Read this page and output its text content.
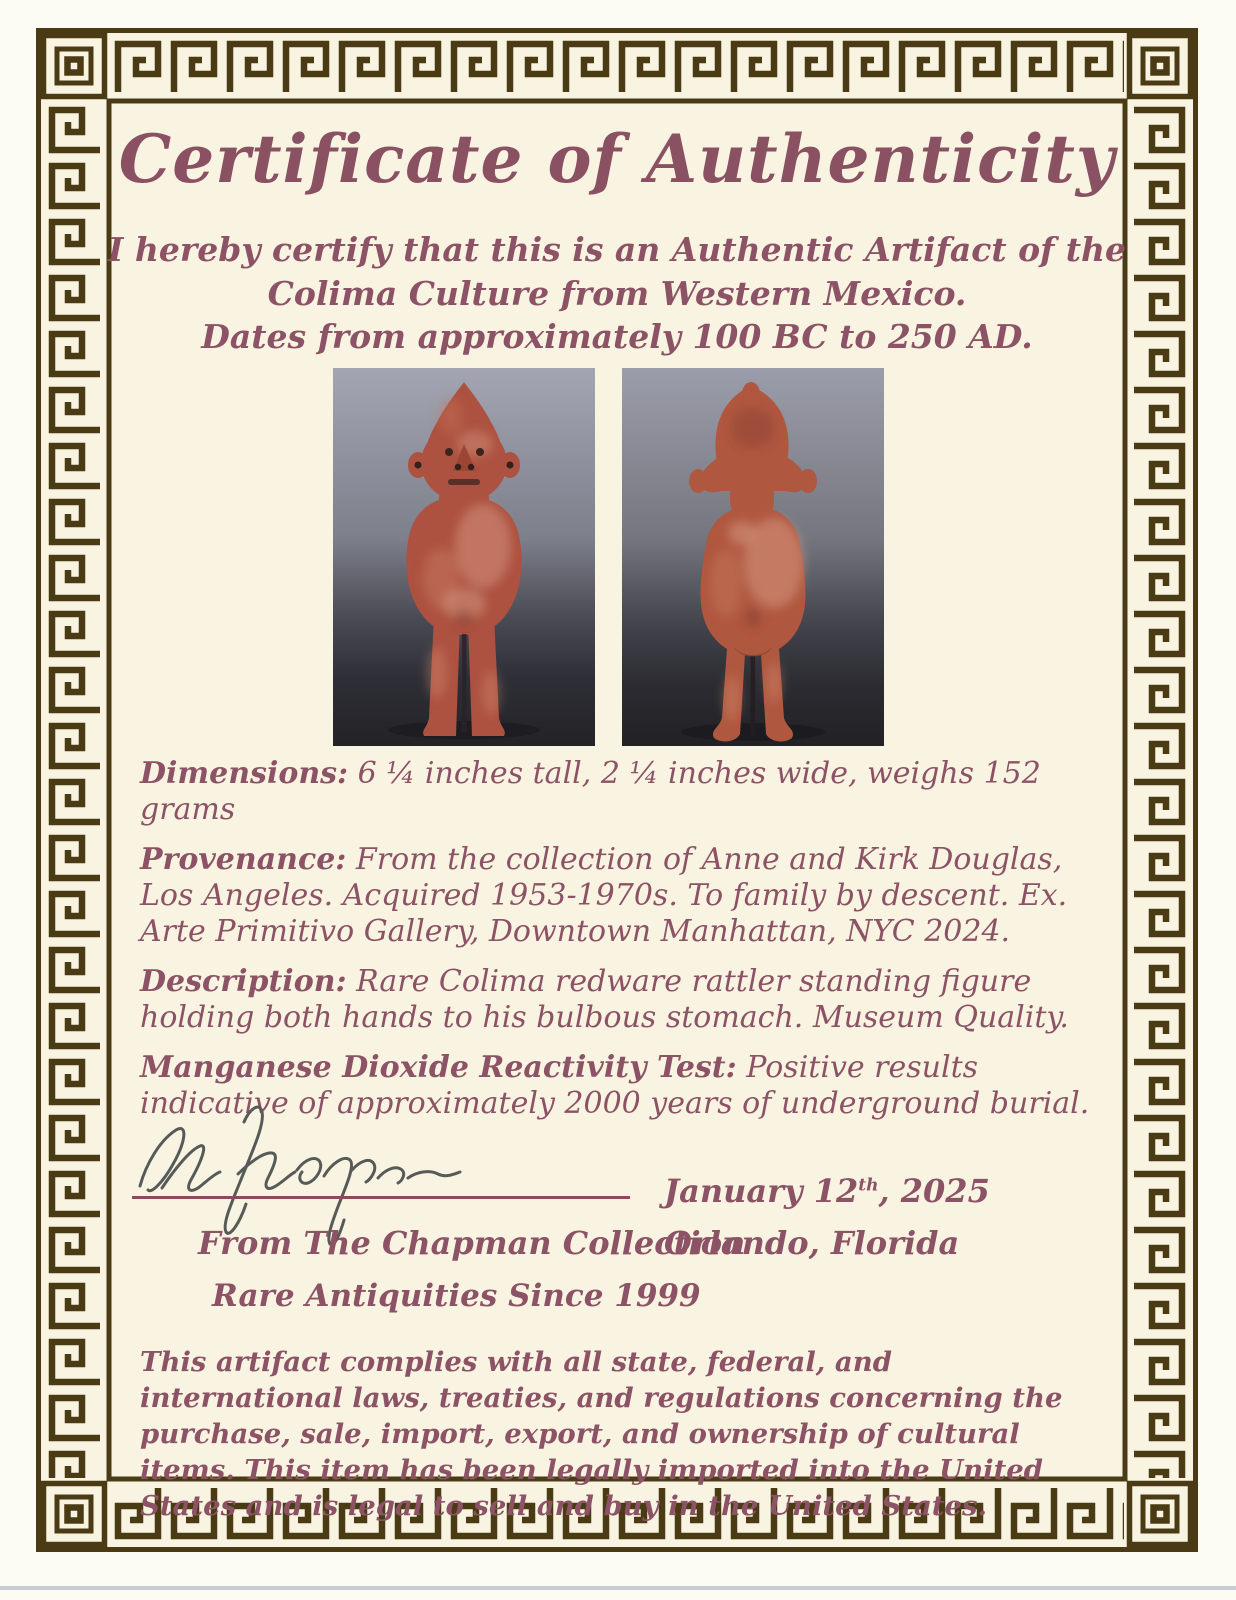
Certificate of Authenticity
I hereby certify that this is an Authentic Artifact of the
Colima Culture from Western Mexico.
Dates from approximately 100 BC to 250 AD.

Dimensions: 6 ¼ inches tall, 2 ¼ inches wide, weighs 152 grams

Provenance: From the collection of Anne and Kirk Douglas, Los Angeles. Acquired 1953-1970s. To family by descent. Ex. Arte Primitivo Gallery, Downtown Manhattan, NYC 2024.

Description: Rare Colima redware rattler standing figure holding both hands to his bulbous stomach. Museum Quality.

Manganese Dioxide Reactivity Test: Positive results indicative of approximately 2000 years of underground burial.

January 12th, 2025
From The Chapman Collection
Orlando, Florida
Rare Antiquities Since 1999

This artifact complies with all state, federal, and international laws, treaties, and regulations concerning the purchase, sale, import, export, and ownership of cultural items. This item has been legally imported into the United States and is legal to sell and buy in the United States.
